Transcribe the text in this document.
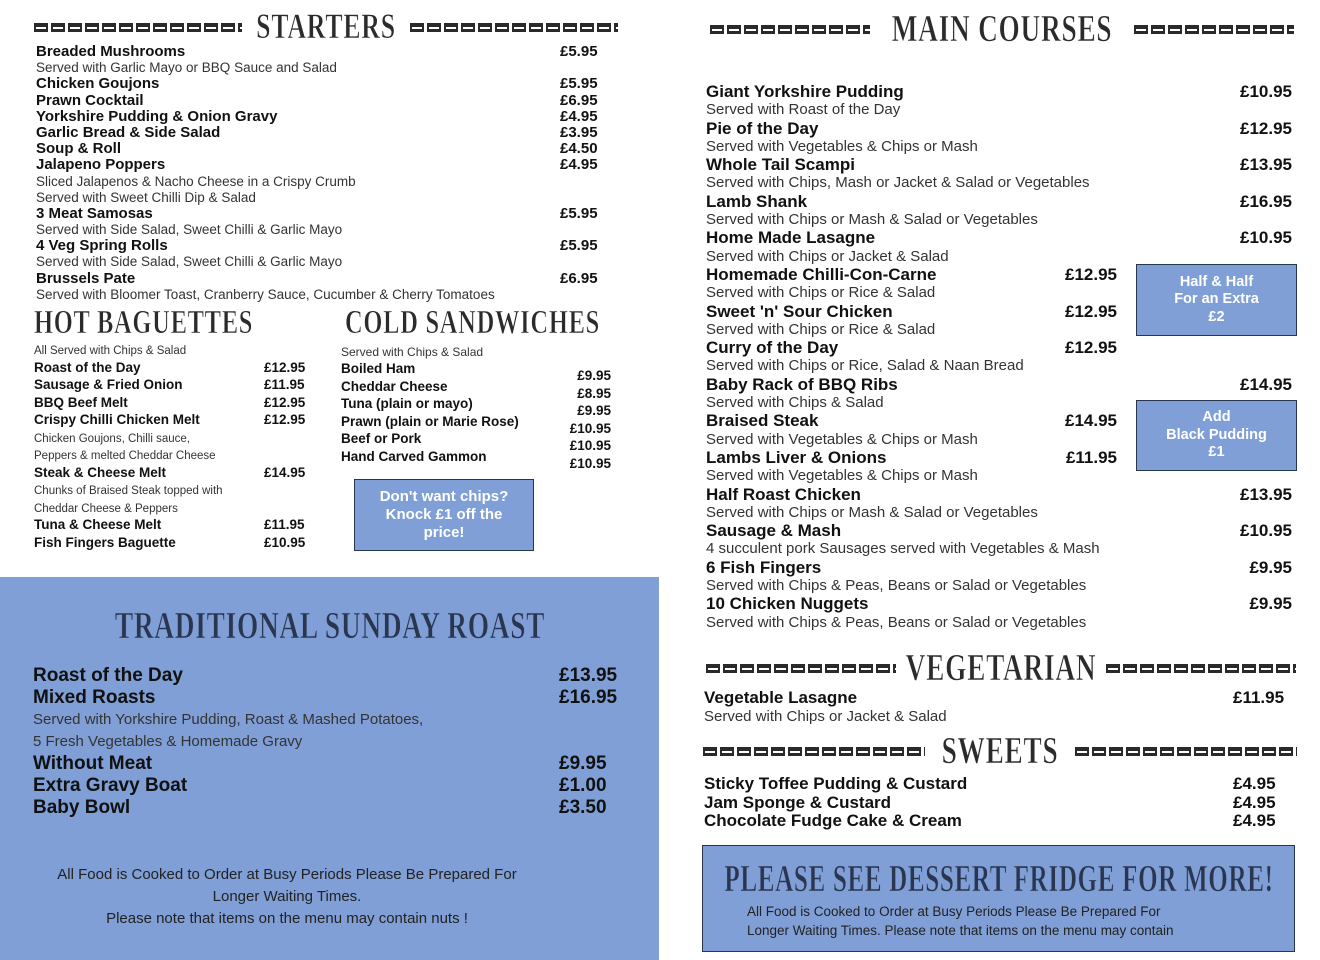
STARTERS
Breaded Mushrooms	£5.95
Served with Garlic Mayo or BBQ Sauce and Salad
Chicken Goujons	£5.95
Prawn Cocktail	£6.95
Yorkshire Pudding & Onion Gravy	£4.95
Garlic Bread & Side Salad	£3.95
Soup & Roll	£4.50
Jalapeno Poppers	£4.95
Sliced Jalapenos & Nacho Cheese in a Crispy Crumb
Served with Sweet Chilli Dip & Salad
3 Meat Samosas	£5.95
Served with Side Salad, Sweet Chilli & Garlic Mayo
4 Veg Spring Rolls	£5.95
Served with Side Salad, Sweet Chilli & Garlic Mayo
Brussels Pate	£6.95
Served with Bloomer Toast, Cranberry Sauce, Cucumber & Cherry Tomatoes
HOT BAGUETTES
All Served with Chips & Salad
Roast of the Day	£12.95
Sausage & Fried Onion	£11.95
BBQ Beef Melt	£12.95
Crispy Chilli Chicken Melt	£12.95
Chicken Goujons, Chilli sauce,
Peppers & melted Cheddar Cheese
Steak & Cheese Melt	£14.95
Chunks of Braised Steak topped with
Cheddar Cheese & Peppers
Tuna & Cheese Melt	£11.95
Fish Fingers Baguette	£10.95
COLD SANDWICHES
Served with Chips & Salad
Boiled Ham	£9.95
Cheddar Cheese	£8.95
Tuna (plain or mayo)	£9.95
Prawn (plain or Marie Rose)	£10.95
Beef or Pork	£10.95
Hand Carved Gammon	£10.95
Don't want chips?
Knock £1 off the
price!
TRADITIONAL SUNDAY ROAST
Roast of the Day	£13.95
Mixed Roasts	£16.95
Served with Yorkshire Pudding, Roast & Mashed Potatoes,
5 Fresh Vegetables & Homemade Gravy
Without Meat	£9.95
Extra Gravy Boat	£1.00
Baby Bowl	£3.50
All Food is Cooked to Order at Busy Periods Please Be Prepared For
Longer Waiting Times.
Please note that items on the menu may contain nuts !
MAIN COURSES
Giant Yorkshire Pudding	£10.95
Served with Roast of the Day
Pie of the Day	£12.95
Served with Vegetables & Chips or Mash
Whole Tail Scampi	£13.95
Served with Chips, Mash or Jacket & Salad or Vegetables
Lamb Shank	£16.95
Served with Chips or Mash & Salad or Vegetables
Home Made Lasagne	£10.95
Served with Chips or Jacket & Salad
Homemade Chilli-Con-Carne	£12.95
Served with Chips or Rice & Salad
Sweet 'n' Sour Chicken	£12.95
Served with Chips or Rice & Salad
Curry of the Day	£12.95
Served with Chips or Rice, Salad & Naan Bread
Baby Rack of BBQ Ribs	£14.95
Served with Chips & Salad
Braised Steak	£14.95
Served with Vegetables & Chips or Mash
Lambs Liver & Onions	£11.95
Served with Vegetables & Chips or Mash
Half Roast Chicken	£13.95
Served with Chips or Mash & Salad or Vegetables
Sausage & Mash	£10.95
4 succulent pork Sausages served with Vegetables & Mash
6 Fish Fingers	£9.95
Served with Chips & Peas, Beans or Salad or Vegetables
10 Chicken Nuggets	£9.95
Served with Chips & Peas, Beans or Salad or Vegetables
Half & Half
For an Extra
£2
Add
Black Pudding
£1
VEGETARIAN
Vegetable Lasagne	£11.95
Served with Chips or Jacket & Salad
SWEETS
Sticky Toffee Pudding & Custard	£4.95
Jam Sponge & Custard	£4.95
Chocolate Fudge Cake & Cream	£4.95
PLEASE SEE DESSERT FRIDGE FOR MORE!
All Food is Cooked to Order at Busy Periods Please Be Prepared For
Longer Waiting Times. Please note that items on the menu may contain
